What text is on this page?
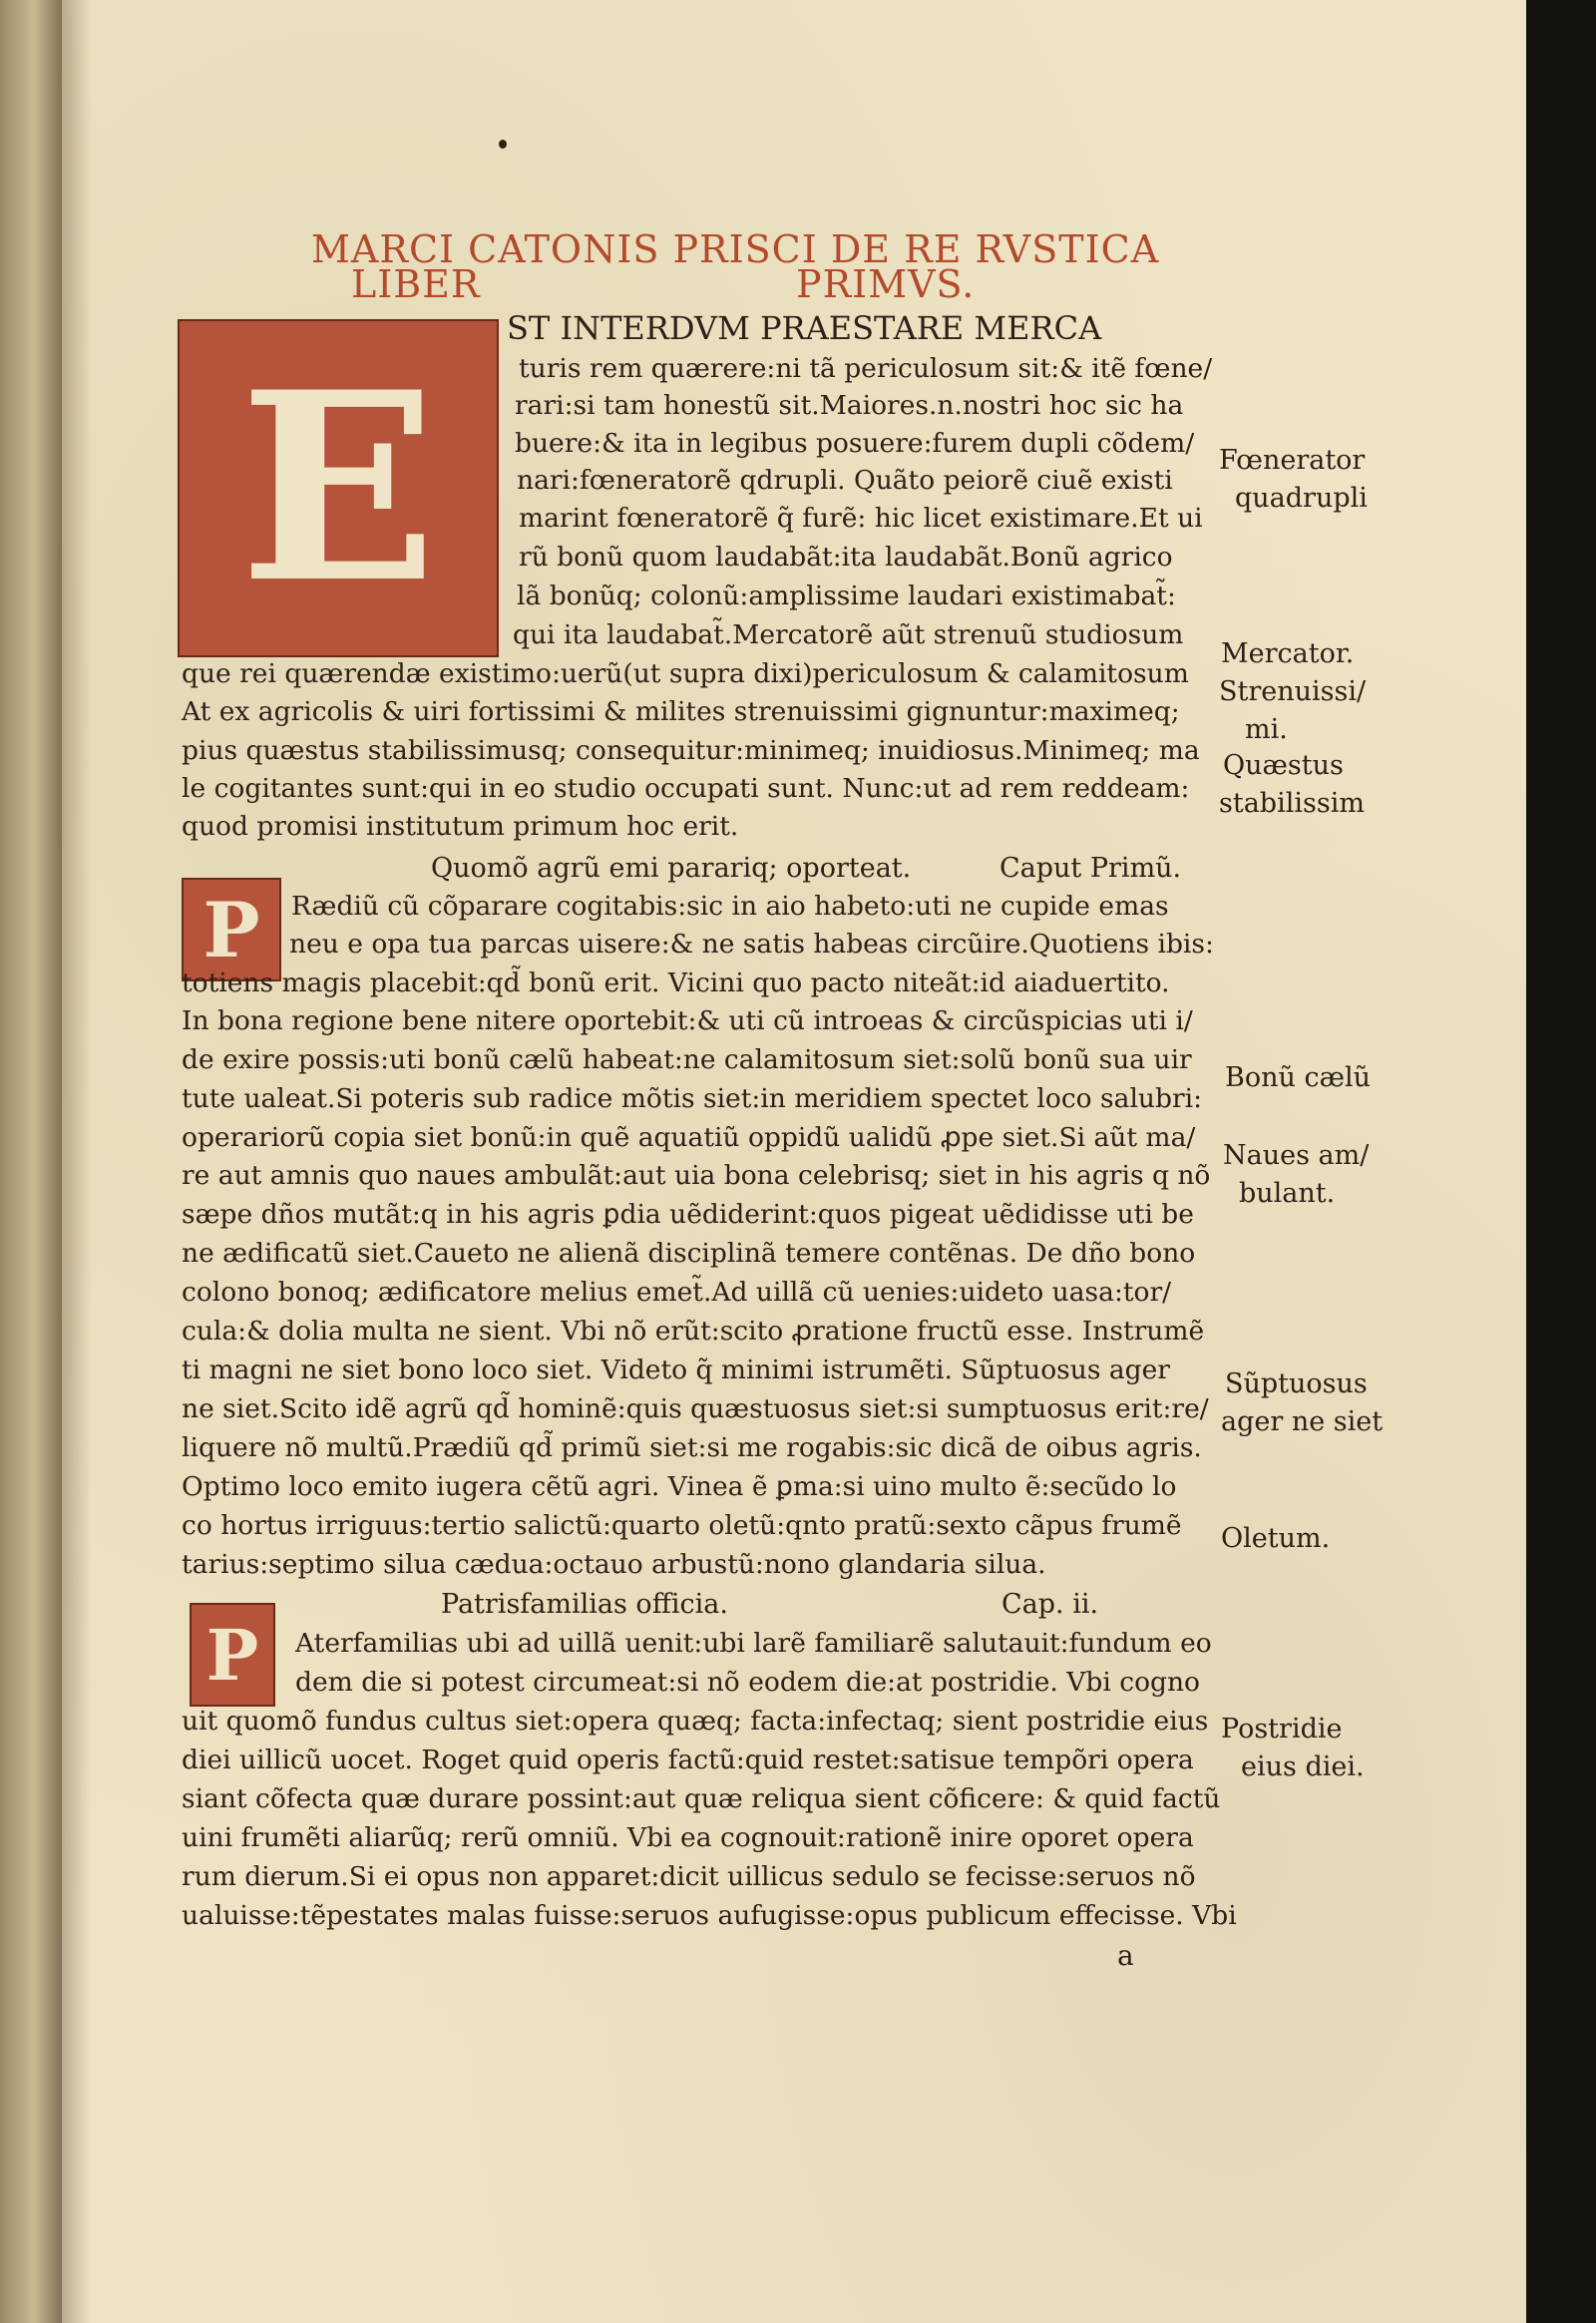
MARCI CATONIS PRISCI DE RE RVSTICA
LIBER	PRIMVS.
E
P
P
ST INTERDVM PRAESTARE MERCA
turis rem quærere:ni tã periculosum sit:& itẽ fœne/
rari:si tam honestũ sit.Maiores.n.nostri hoc sic ha
buere:& ita in legibus posuere:furem dupli cõdem/
nari:fœneratorẽ qdrupli. Quãto peiorẽ ciuẽ existi
marint fœneratorẽ q̃ furẽ: hic licet existimare.Et ui
rũ bonũ quom laudabãt:ita laudabãt.Bonũ agrico
lã bonũq; colonũ:amplissime laudari existimabat̃:
qui ita laudabat̃.Mercatorẽ aũt strenuũ studiosum
que rei quærendæ existimo:uerũ(ut supra dixi)periculosum & calamitosum
At ex agricolis & uiri fortissimi & milites strenuissimi gignuntur:maximeq;
pius quæstus stabilissimusq; consequitur:minimeq; inuidiosus.Minimeq; ma
le cogitantes sunt:qui in eo studio occupati sunt. Nunc:ut ad rem reddeam:
quod promisi institutum primum hoc erit.
Quomõ agrũ emi parariq; oporteat.	Caput Primũ.
Rædiũ cũ cõparare cogitabis:sic in aio habeto:uti ne cupide emas
neu e opa tua parcas uisere:& ne satis habeas circũire.Quotiens ibis:
totiens magis placebit:qd̃ bonũ erit. Vicini quo pacto niteãt:id aiaduertito.
In bona regione bene nitere oportebit:& uti cũ introeas & circũspicias uti i/
de exire possis:uti bonũ cælũ habeat:ne calamitosum siet:solũ bonũ sua uir
tute ualeat.Si poteris sub radice mõtis siet:in meridiem spectet loco salubri:
operariorũ copia siet bonũ:in quẽ aquatiũ oppidũ ualidũ ꝓpe siet.Si aũt ma/
re aut amnis quo naues ambulãt:aut uia bona celebrisq; siet in his agris q nõ
sæpe dños mutãt:q in his agris ꝑdia uẽdiderint:quos pigeat uẽdidisse uti be
ne ædificatũ siet.Caueto ne alienã disciplinã temere contẽnas. De dño bono
colono bonoq; ædificatore melius emet̃.Ad uillã cũ uenies:uideto uasa:tor/
cula:& dolia multa ne sient. Vbi nõ erũt:scito ꝓratione fructũ esse. Instrumẽ
ti magni ne siet bono loco siet. Videto q̃ minimi istrumẽti. Sũptuosus ager
ne siet.Scito idẽ agrũ qd̃ hominẽ:quis quæstuosus siet:si sumptuosus erit:re/
liquere nõ multũ.Prædiũ qd̃ primũ siet:si me rogabis:sic dicã de oibus agris.
Optimo loco emito iugera cẽtũ agri. Vinea ẽ ꝑma:si uino multo ẽ:secũdo lo
co hortus irriguus:tertio salictũ:quarto oletũ:qnto pratũ:sexto cãpus frumẽ
tarius:septimo silua cædua:octauo arbustũ:nono glandaria silua.
Patrisfamilias officia.	Cap. ii.
Aterfamilias ubi ad uillã uenit:ubi larẽ familiarẽ salutauit:fundum eo
dem die si potest circumeat:si nõ eodem die:at postridie. Vbi cogno
uit quomõ fundus cultus siet:opera quæq; facta:infectaq; sient postridie eius
diei uillicũ uocet. Roget quid operis factũ:quid restet:satisue tempõri opera
siant cõfecta quæ durare possint:aut quæ reliqua sient cõficere: & quid factũ
uini frumẽti aliarũq; rerũ omniũ. Vbi ea cognouit:rationẽ inire oporet opera
rum dierum.Si ei opus non apparet:dicit uillicus sedulo se fecisse:seruos nõ
ualuisse:tẽpestates malas fuisse:seruos aufugisse:opus publicum effecisse. Vbi
Fœnerator
quadrupli
Mercator.
Strenuissi/
mi.
Quæstus
stabilissim
Bonũ cælũ
Naues am/
bulant.
Sũptuosus
ager ne siet
Oletum.
Postridie
eius diei.
a
